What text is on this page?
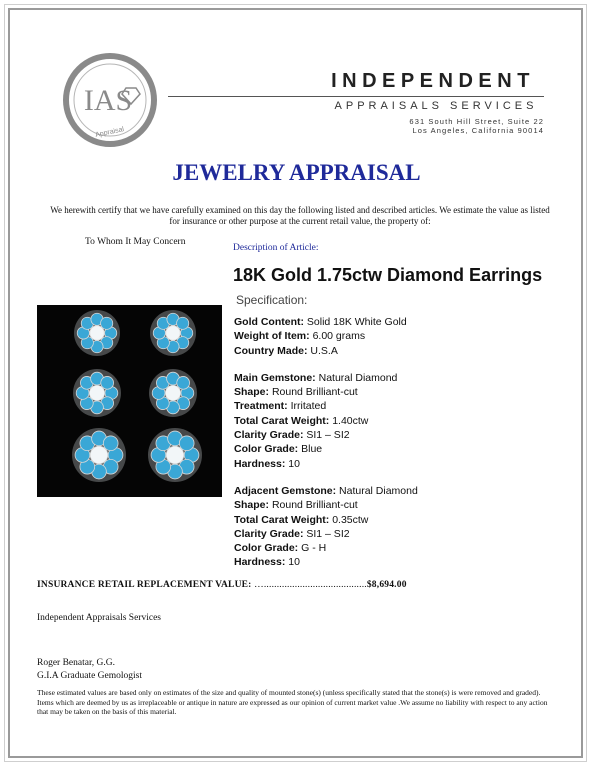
IAS
Appraisal
INDEPENDENT
APPRAISALS SERVICES
631 South Hill Street, Suite 22
Los Angeles, California 90014
JEWELRY APPRAISAL
We herewith certify that we have carefully examined on this day the following listed and described articles. We estimate the value as listed for insurance or other purpose at the current retail value, the property of:
To Whom It May Concern
Description of Article:
18K Gold 1.75ctw Diamond Earrings
Specification:
Gold Content: Solid 18K White Gold
Weight of Item: 6.00 grams
Country Made: U.S.A
Main Gemstone: Natural Diamond
Shape: Round Brilliant-cut
Treatment: Irritated
Total Carat Weight: 1.40ctw
Clarity Grade: SI1 – SI2
Color Grade: Blue
Hardness: 10
Adjacent Gemstone: Natural Diamond
Shape: Round Brilliant-cut
Total Carat Weight: 0.35ctw
Clarity Grade: SI1 – SI2
Color Grade: G - H
Hardness: 10
INSURANCE RETAIL REPLACEMENT VALUE: …........................................$8,694.00
Independent Appraisals Services
Roger Benatar, G.G.
G.I.A Graduate Gemologist
These estimated values are based only on estimates of the size and quality of mounted stone(s) (unless specifically stated that the stone(s) is were removed and graded). Items which are deemed by us as irreplaceable or antique in nature are expressed as our opinion of current market value .We assume no liability with respect to any action that may be taken on the basis of this material.
